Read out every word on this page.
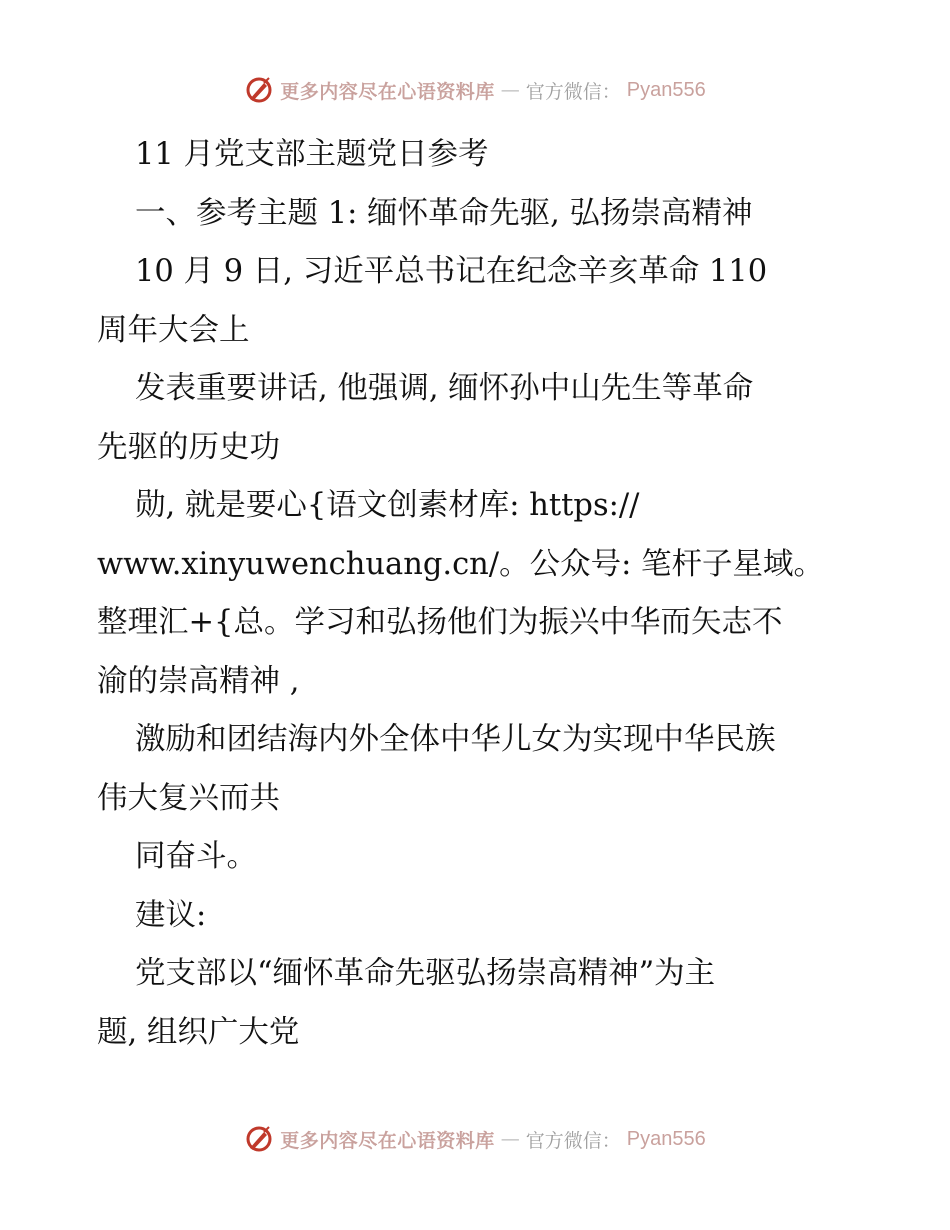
更多内容尽在心语资料库 — 官方微信： Pyan556
11 月党支部主题党日参考
一、参考主题 1: 缅怀革命先驱, 弘扬崇高精神
10 月 9 日, 习近平总书记在纪念辛亥革命 110
周年大会上
发表重要讲话, 他强调, 缅怀孙中山先生等革命
先驱的历史功
勋, 就是要心{语文创素材库: https://
www.xinyuwenchuang.cn/。公众号: 笔杆子星域。
整理汇+{总。学习和弘扬他们为振兴中华而矢志不
渝的崇高精神 ,
激励和团结海内外全体中华儿女为实现中华民族
伟大复兴而共
同奋斗。
建议:
党支部以“缅怀革命先驱弘扬崇高精神”为主
题, 组织广大党
更多内容尽在心语资料库 — 官方微信： Pyan556
